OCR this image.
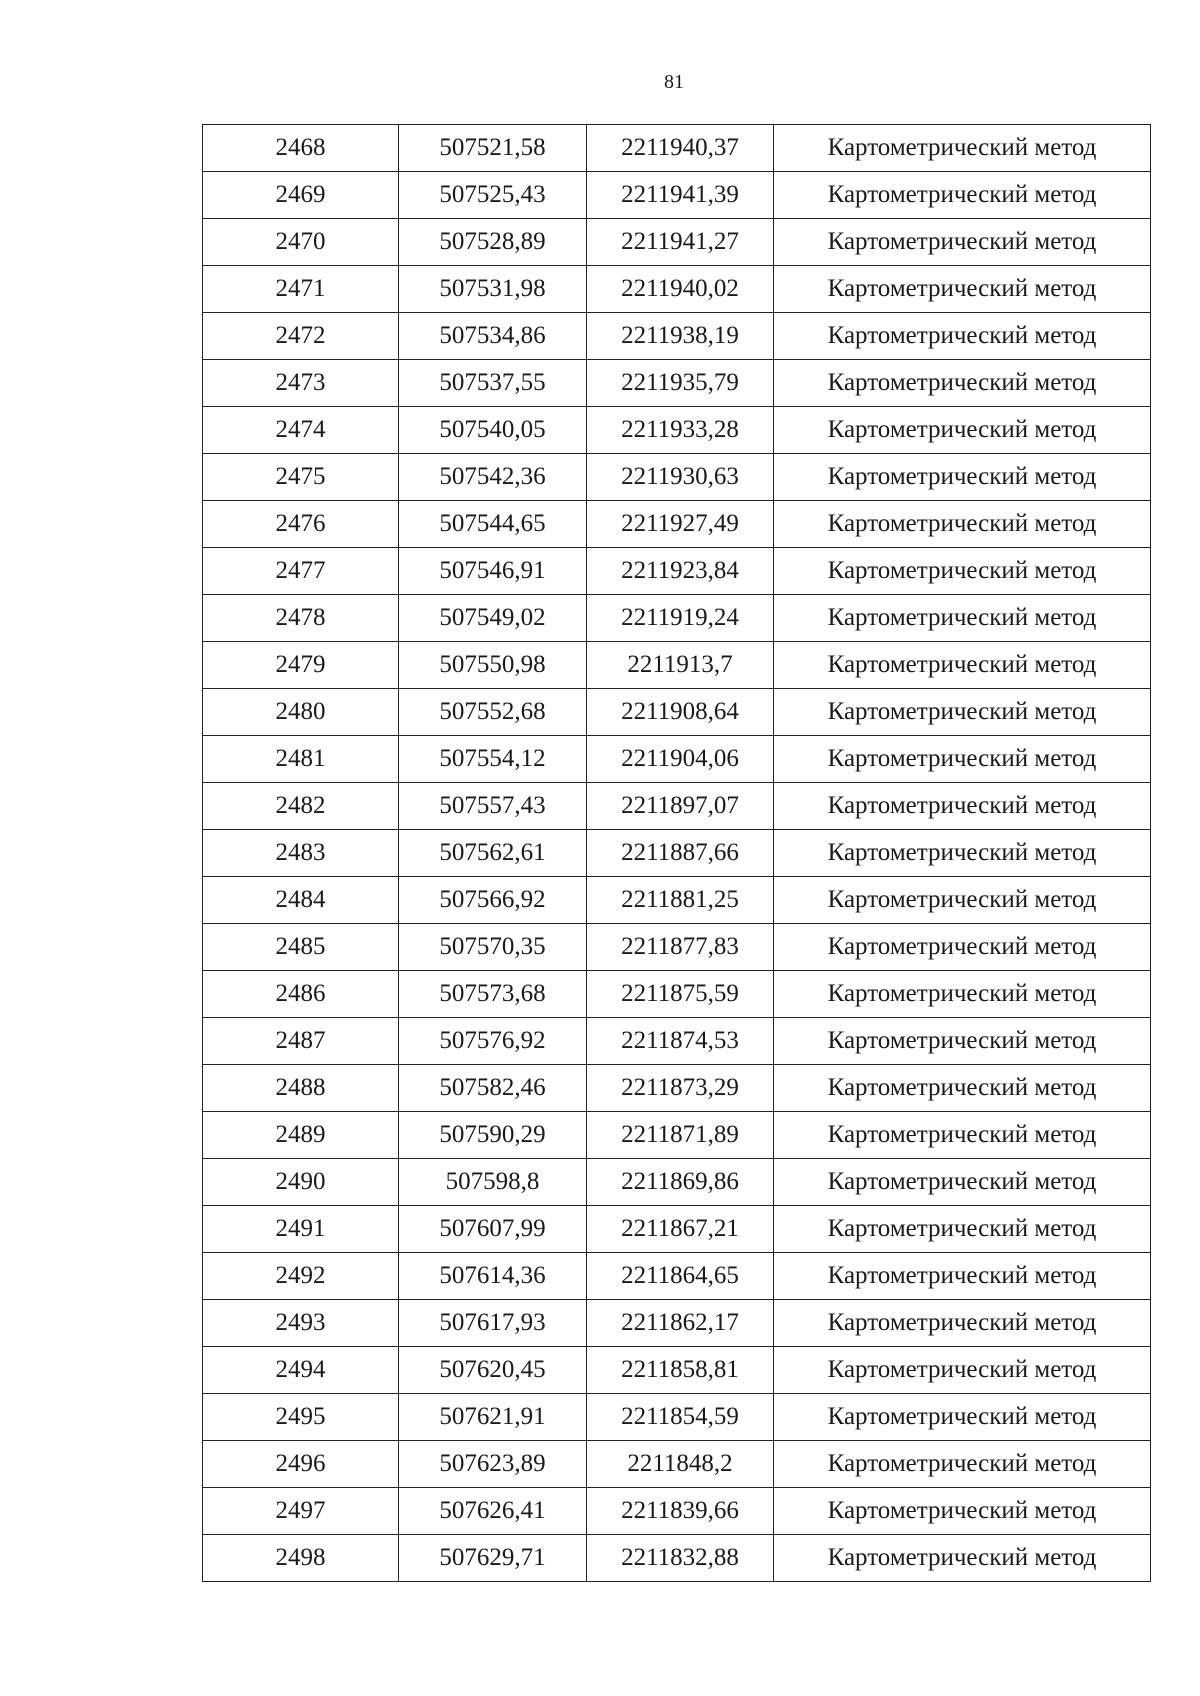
81
2468	507521,58	2211940,37	Картометрический метод
2469	507525,43	2211941,39	Картометрический метод
2470	507528,89	2211941,27	Картометрический метод
2471	507531,98	2211940,02	Картометрический метод
2472	507534,86	2211938,19	Картометрический метод
2473	507537,55	2211935,79	Картометрический метод
2474	507540,05	2211933,28	Картометрический метод
2475	507542,36	2211930,63	Картометрический метод
2476	507544,65	2211927,49	Картометрический метод
2477	507546,91	2211923,84	Картометрический метод
2478	507549,02	2211919,24	Картометрический метод
2479	507550,98	2211913,7	Картометрический метод
2480	507552,68	2211908,64	Картометрический метод
2481	507554,12	2211904,06	Картометрический метод
2482	507557,43	2211897,07	Картометрический метод
2483	507562,61	2211887,66	Картометрический метод
2484	507566,92	2211881,25	Картометрический метод
2485	507570,35	2211877,83	Картометрический метод
2486	507573,68	2211875,59	Картометрический метод
2487	507576,92	2211874,53	Картометрический метод
2488	507582,46	2211873,29	Картометрический метод
2489	507590,29	2211871,89	Картометрический метод
2490	507598,8	2211869,86	Картометрический метод
2491	507607,99	2211867,21	Картометрический метод
2492	507614,36	2211864,65	Картометрический метод
2493	507617,93	2211862,17	Картометрический метод
2494	507620,45	2211858,81	Картометрический метод
2495	507621,91	2211854,59	Картометрический метод
2496	507623,89	2211848,2	Картометрический метод
2497	507626,41	2211839,66	Картометрический метод
2498	507629,71	2211832,88	Картометрический метод
